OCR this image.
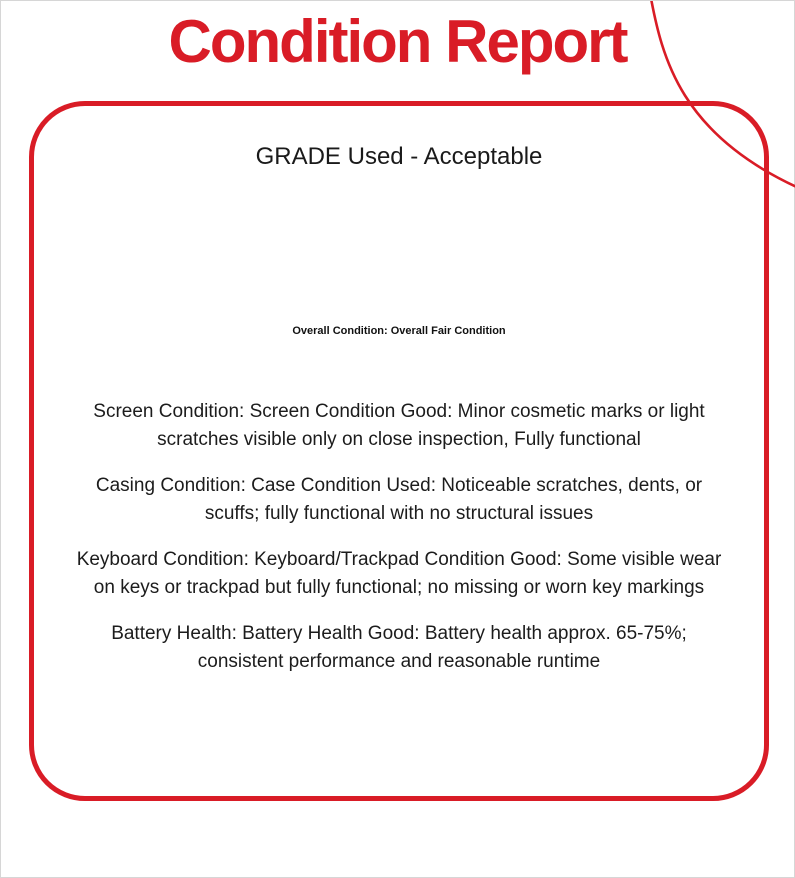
Condition Report
GRADE Used - Acceptable
Overall Condition: Overall Fair Condition

Screen Condition: Screen Condition Good: Minor cosmetic marks or light scratches visible only on close inspection, Fully functional

Casing Condition: Case Condition Used: Noticeable scratches, dents, or scuffs; fully functional with no structural issues

Keyboard Condition: Keyboard/Trackpad Condition Good: Some visible wear on keys or trackpad but fully functional; no missing or worn key markings

Battery Health: Battery Health Good: Battery health approx. 65-75%; consistent performance and reasonable runtime
